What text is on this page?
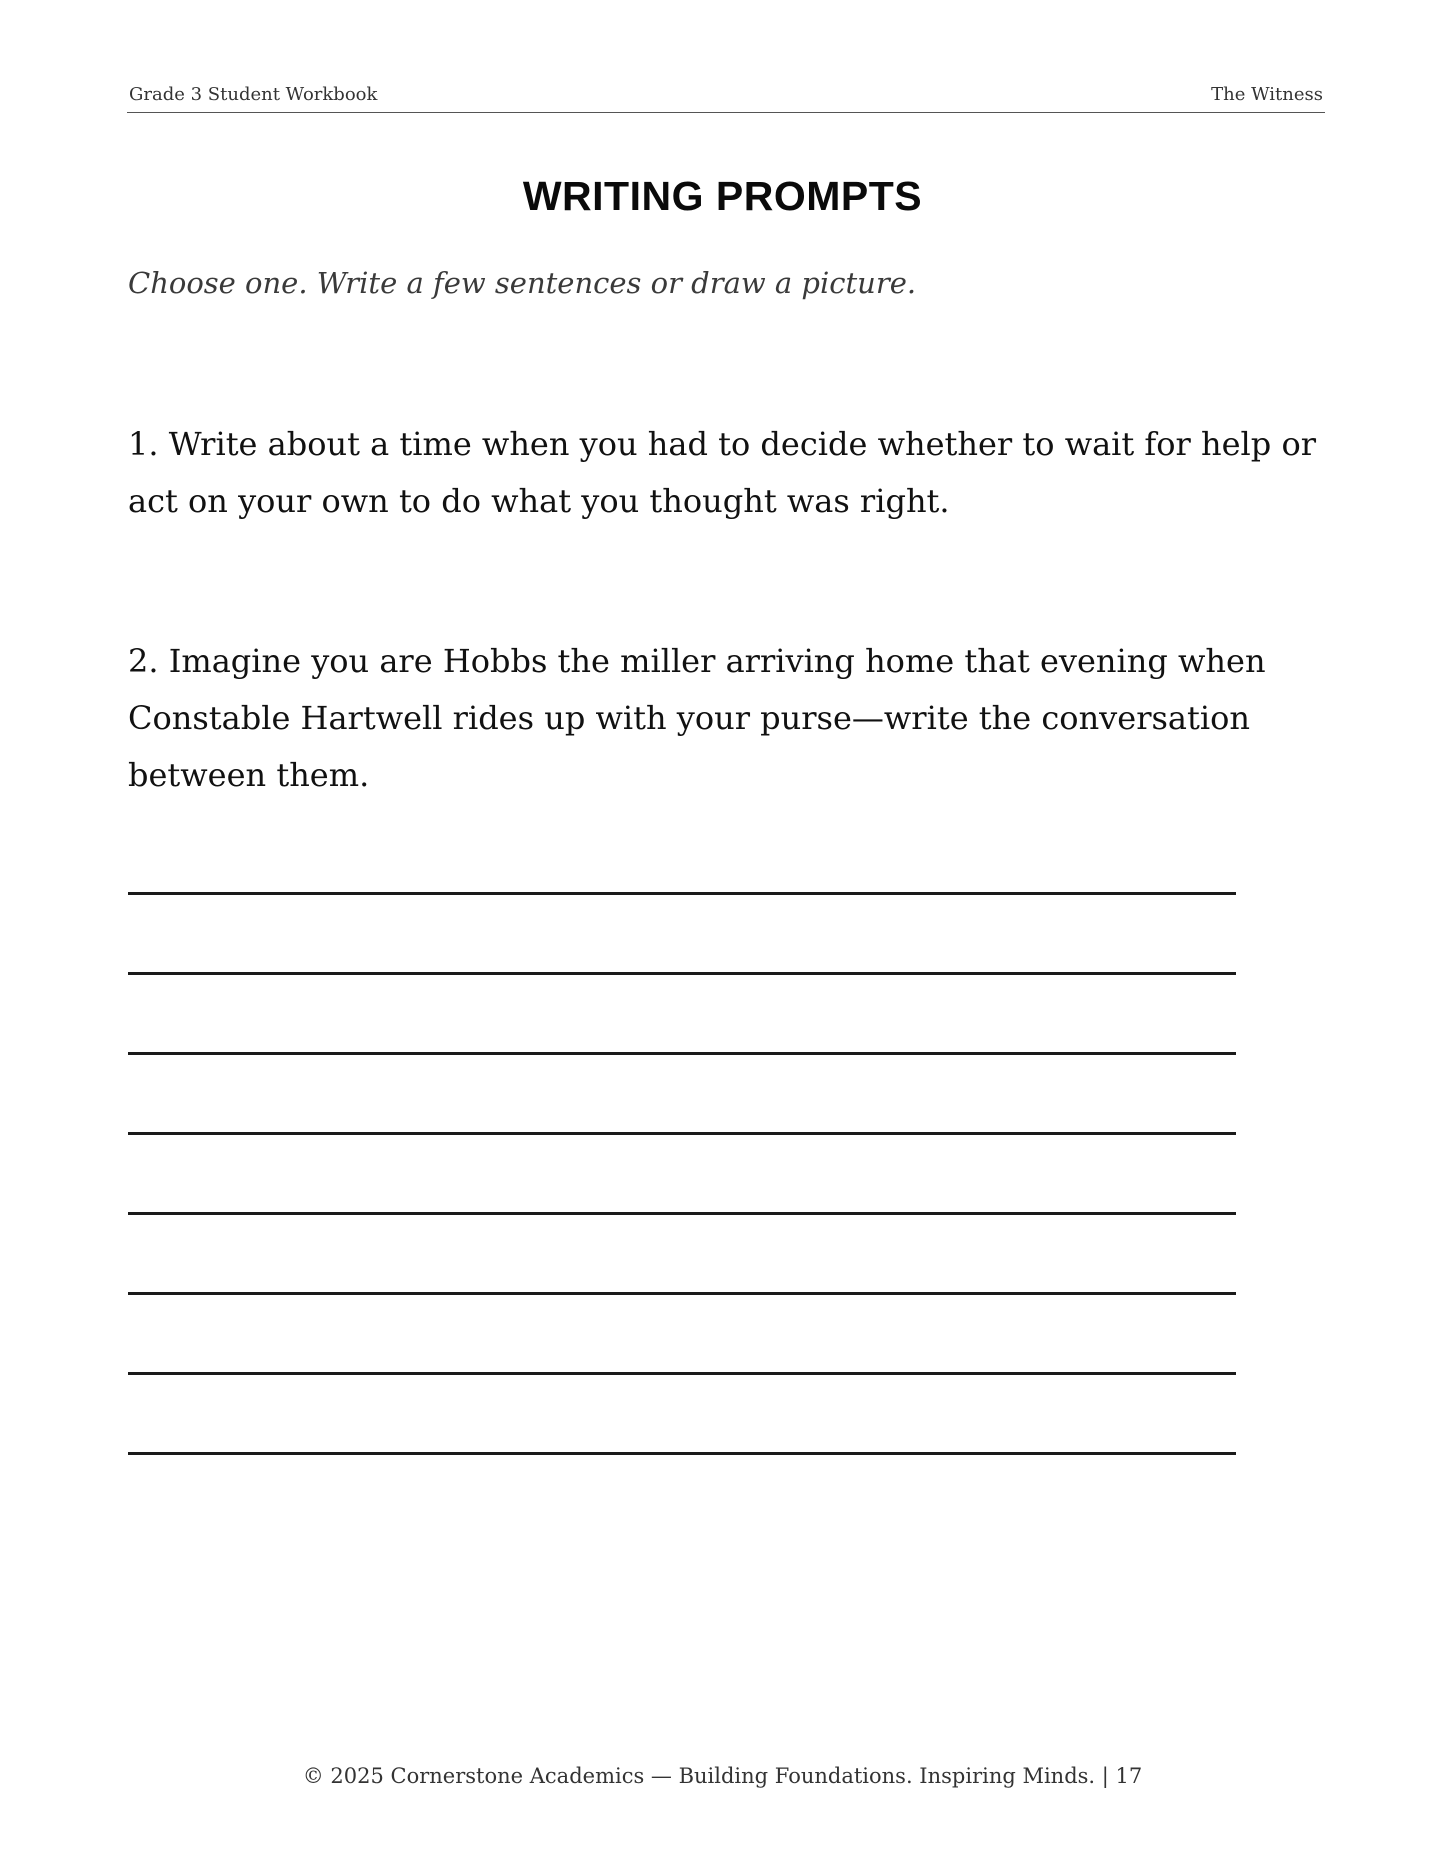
Grade 3 Student Workbook	The Witness
WRITING PROMPTS
Choose one. Write a few sentences or draw a picture.
1. Write about a time when you had to decide whether to wait for help or act on your own to do what you thought was right.
2. Imagine you are Hobbs the miller arriving home that evening when Constable Hartwell rides up with your purse—write the conversation between them.
© 2025 Cornerstone Academics — Building Foundations. Inspiring Minds. | 17
